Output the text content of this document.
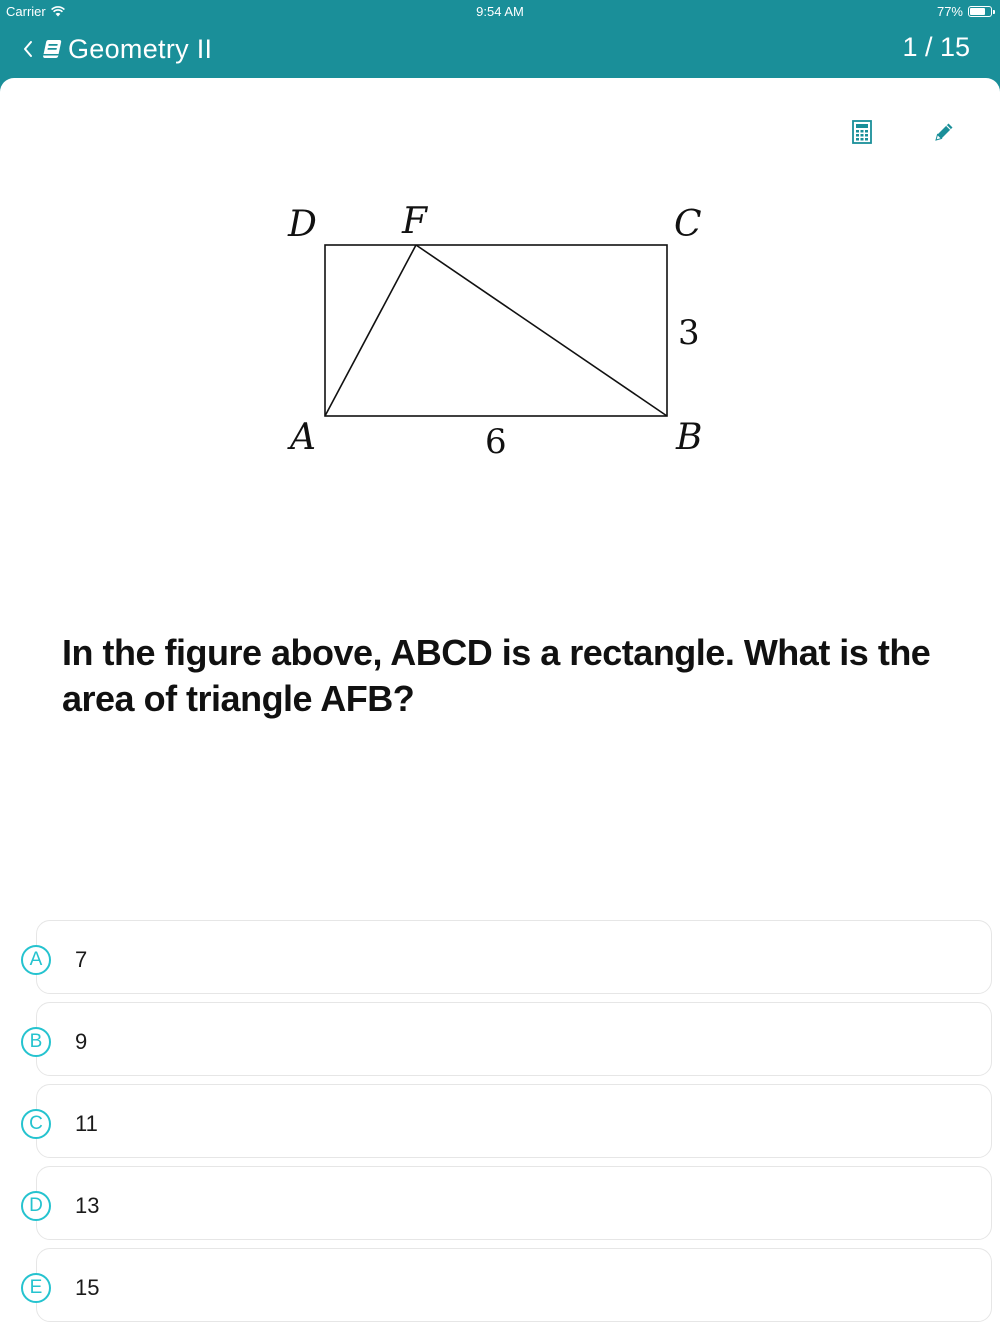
Carrier	9:54 AM	77%
Geometry II	1 / 15
D F	C
A	B
3
6
In the figure above, ABCD is a rectangle. What is the area of triangle AFB?
A	7
B	9
C	11
D	13
E	15
